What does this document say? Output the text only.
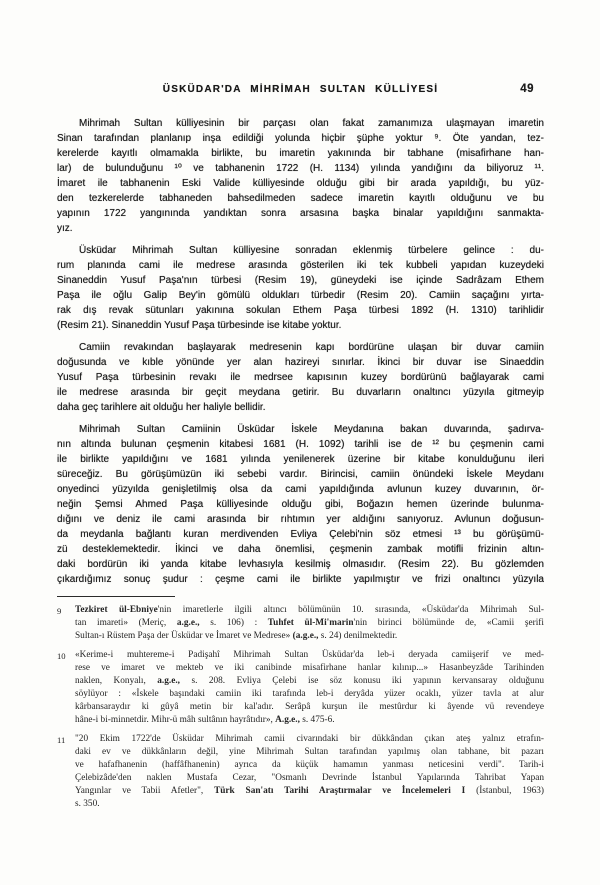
ÜSKÜDAR'DA MİHRİMAH SULTAN KÜLLİYESİ	49
Mihrimah Sultan külliyesinin bir parçası olan fakat zamanımıza ulaşmayan imaretin
Sinan tarafından planlanıp inşa edildiği yolunda hiçbir şüphe yoktur ⁹. Öte yandan, tez-
kerelerde kayıtlı olmamakla birlikte, bu imaretin yakınında bir tabhane (misafirhane han-
lar) de bulunduğunu ¹⁰ ve tabhanenin 1722 (H. 1134) yılında yandığını da biliyoruz ¹¹.
İmaret ile tabhanenin Eski Valide külliyesinde olduğu gibi bir arada yapıldığı, bu yüz-
den tezkerelerde tabhaneden bahsedilmeden sadece imaretin kayıtlı olduğunu ve bu
yapının 1722 yangınında yandıktan sonra arsasına başka binalar yapıldığını sanmakta-
yız.
Üsküdar Mihrimah Sultan külliyesine sonradan eklenmiş türbelere gelince : du-
rum planında cami ile medrese arasında gösterilen iki tek kubbeli yapıdan kuzeydeki
Sinaneddin Yusuf Paşa'nın türbesi (Resim 19), güneydeki ise içinde Sadrâzam Ethem
Paşa ile oğlu Galip Bey'in gömülü oldukları türbedir (Resim 20). Camiin saçağını yırta-
rak dış revak sütunları yakınına sokulan Ethem Paşa türbesi 1892 (H. 1310) tarihlidir
(Resim 21). Sinaneddin Yusuf Paşa türbesinde ise kitabe yoktur.
Camiin revakından başlayarak medresenin kapı bordürüne ulaşan bir duvar camiin
doğusunda ve kıble yönünde yer alan hazireyi sınırlar. İkinci bir duvar ise Sinaeddin
Yusuf Paşa türbesinin revakı ile medrsee kapısının kuzey bordürünü bağlayarak cami
ile medrese arasında bir geçit meydana getirir. Bu duvarların onaltıncı yüzyıla gitmeyip
daha geç tarihlere ait olduğu her haliyle bellidir.
Mihrimah Sultan Camiinin Üsküdar İskele Meydanına bakan duvarında, şadırva-
nın altında bulunan çeşmenin kitabesi 1681 (H. 1092) tarihli ise de ¹² bu çeşmenin cami
ile birlikte yapıldığını ve 1681 yılında yenilenerek üzerine bir kitabe konulduğunu ileri
süreceğiz. Bu görüşümüzün iki sebebi vardır. Birincisi, camiin önündeki İskele Meydanı
onyedinci yüzyılda genişletilmiş olsa da cami yapıldığında avlunun kuzey duvarının, ör-
neğin Şemsi Ahmed Paşa külliyesinde olduğu gibi, Boğazın hemen üzerinde bulunma-
dığını ve deniz ile cami arasında bir rıhtımın yer aldığını sanıyoruz. Avlunun doğusun-
da meydanla bağlantı kuran merdivenden Evliya Çelebi'nin söz etmesi ¹³ bu görüşümü-
zü desteklemektedir. İkinci ve daha önemlisi, çeşmenin zambak motifli frizinin altın-
daki bordürün iki yanda kitabe levhasıyla kesilmiş olmasıdır. (Resim 22). Bu gözlemden
çıkardığımız sonuç şudur : çeşme cami ile birlikte yapılmıştır ve frizi onaltıncı yüzyıla
9	Tezkiret ül-Ebniye'nin imaretlerle ilgili altıncı bölümünün 10. sırasında, «Üsküdar'da Mihrimah Sul-
tan imareti» (Meriç, a.g.e., s. 106) : Tuhfet ül-Mi'marin'nin birinci bölümünde de, «Camii şerifi
Sultan-ı Rüstem Paşa der Üsküdar ve İmaret ve Medrese» (a.g.e., s. 24) denilmektedir.
10	«Kerime-i muhtereme-i Padişahî Mihrimah Sultan Üsküdar'da leb-i deryada camiişerif ve med-
rese ve imaret ve mekteb ve iki canibinde misafirhane hanlar kılınıp...» Hasanbeyzâde Tarihinden
naklen, Konyalı, a.g.e., s. 208. Evliya Çelebi ise söz konusu iki yapının kervansaray olduğunu
söylüyor : «İskele başındaki camiin iki tarafında leb-i deryâda yüzer ocaklı, yüzer tavla at alur
kârbansaraydır ki gûyâ metin bir kal'adır. Serâpâ kurşun ile mestûrdur ki âyende vü revendeye
hâne-i bi-minnetdir. Mihr-ü mâh sultânın hayrâtıdır», A.g.e., s. 475-6.
11	"20 Ekim 1722'de Üsküdar Mihrimah camii civarındaki bir dükkândan çıkan ateş yalnız etrafın-
daki ev ve dükkânların değil, yine Mihrimah Sultan tarafından yapılmış olan tabhane, bit pazarı
ve hafafhanenin (haffâfhanenin) ayrıca da küçük hamamın yanması neticesini verdi". Tarih-i
Çelebizâde'den naklen Mustafa Cezar, "Osmanlı Devrinde İstanbul Yapılarında Tahribat Yapan
Yangınlar ve Tabii Afetler", Türk San'atı Tarihi Araştırmalar ve İncelemeleri I (İstanbul, 1963)
s. 350.
